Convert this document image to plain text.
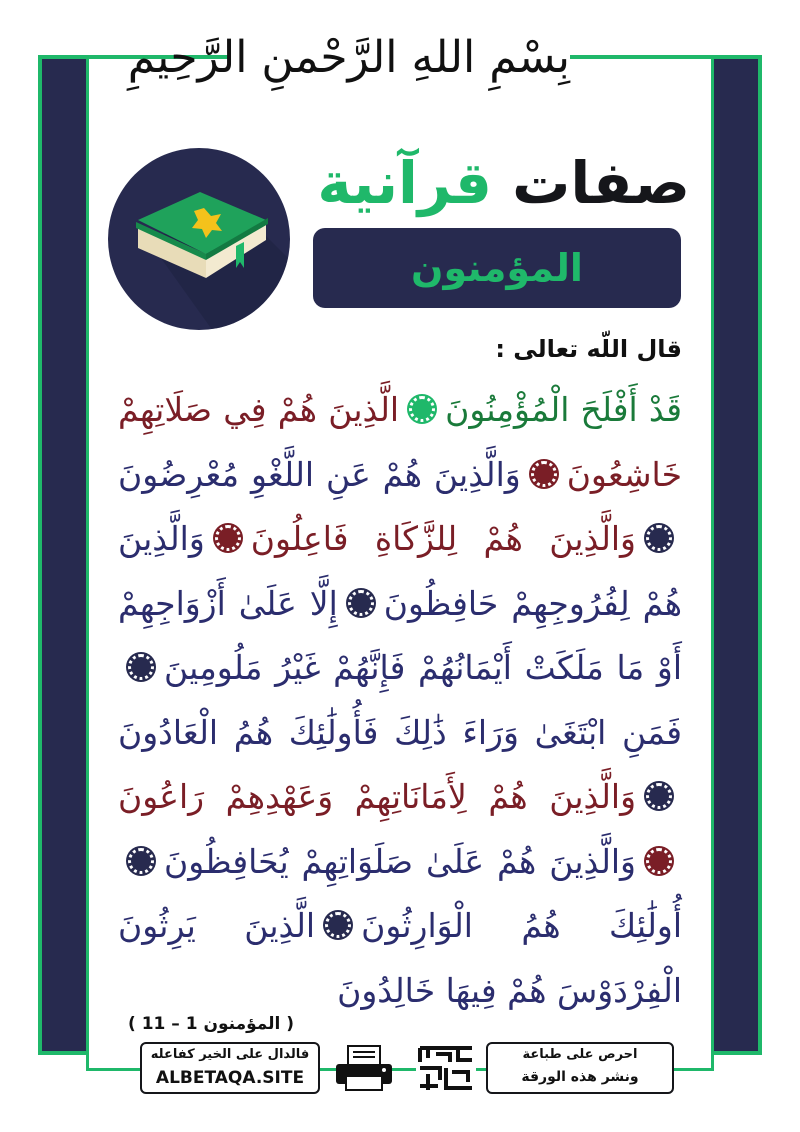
بِسْمِ اللهِ الرَّحْمنِ الرَّحِيمِ
صفات قرآنية
المؤمنون
قال اللّه تعالى :
قَدْ أَفْلَحَ الْمُؤْمِنُونَالَّذِينَ هُمْ فِي صَلَاتِهِمْ خَاشِعُونَوَالَّذِينَ هُمْ عَنِ اللَّغْوِ مُعْرِضُونَوَالَّذِينَ هُمْ لِلزَّكَاةِ فَاعِلُونَوَالَّذِينَ هُمْ لِفُرُوجِهِمْ حَافِظُونَإِلَّا عَلَىٰ أَزْوَاجِهِمْ أَوْ مَا مَلَكَتْ أَيْمَانُهُمْ فَإِنَّهُمْ غَيْرُ مَلُومِينَفَمَنِ ابْتَغَىٰ وَرَاءَ ذَٰلِكَ فَأُولَٰئِكَ هُمُ الْعَادُونَوَالَّذِينَ هُمْ لِأَمَانَاتِهِمْ وَعَهْدِهِمْ رَاعُونَوَالَّذِينَ هُمْ عَلَىٰ صَلَوَاتِهِمْ يُحَافِظُونَأُولَٰئِكَ هُمُ الْوَارِثُونَالَّذِينَ يَرِثُونَ الْفِرْدَوْسَ هُمْ فِيهَا خَالِدُونَ
( المؤمنون 1 – 11 )
فالدال على الخير كفاعله
ALBETAQA.SITE
احرص على طباعة
ونشر هذه الورقة
